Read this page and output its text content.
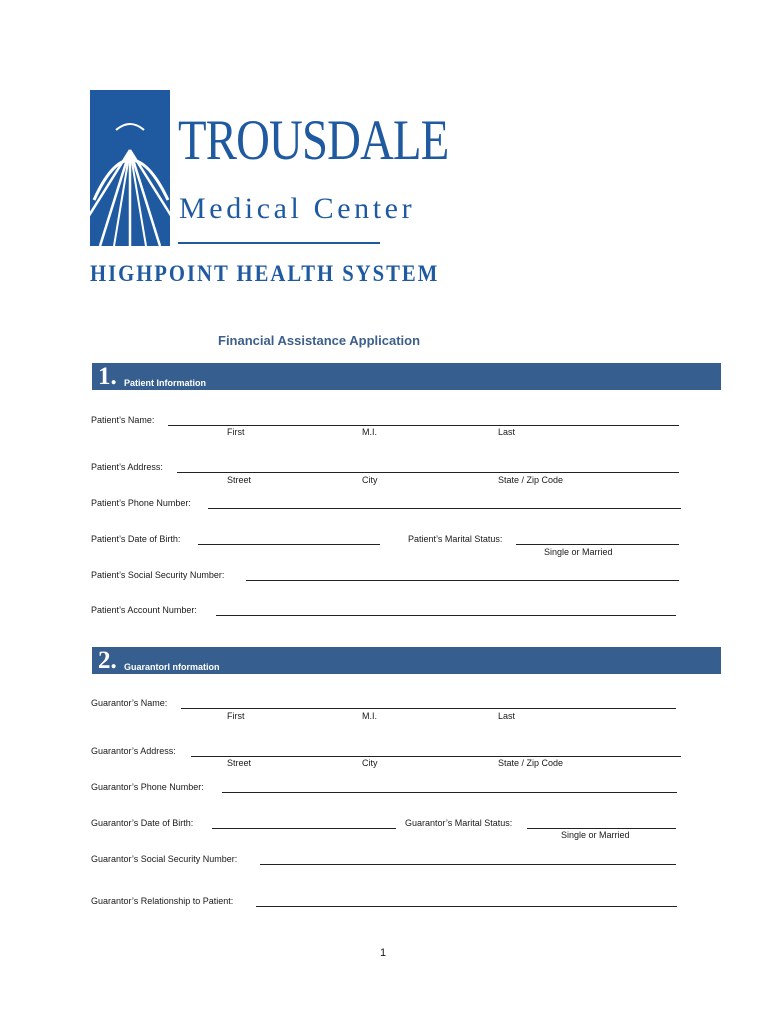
TROUSDALE
Medical Center
HIGHPOINT HEALTH SYSTEM
Financial Assistance Application
1. Patient Information
Patient’s Name:
First	M.I.	Last
Patient’s Address:
Street	City	State / Zip Code
Patient’s Phone Number:
Patient’s Date of Birth:	Patient’s Marital Status:
Single or Married
Patient’s Social Security Number:
Patient’s Account Number:
2. GuarantorI nformation
Guarantor’s Name:
First	M.I.	Last
Guarantor’s Address:
Street	City	State / Zip Code
Guarantor’s Phone Number:
Guarantor’s Date of Birth:	Guarantor’s Marital Status:
Single or Married
Guarantor’s Social Security Number:
Guarantor’s Relationship to Patient:
1
